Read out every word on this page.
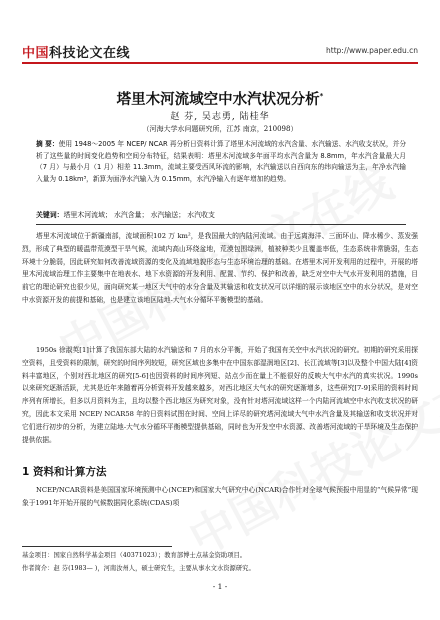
中国科技论文在线	http://www.paper.edu.cn
塔里木河流域空中水汽状况分析*
赵 芬, 吴志勇, 陆桂华
（河海大学水问题研究所，江苏 南京，210098）
摘 要：使用 1948～2005 年 NCEP/ NCAR 再分析日资料计算了塔里木河流域的水汽含量、水汽输送、水汽收支状况，并分析了这些量的时间变化趋势和空间分布特征，结果表明：塔里木河流域多年面平均水汽含量为 8.8mm，年水汽含量最大月（7 月）与最小月（1 月）相差 11.3mm，流域主要受西风环流的影响，水汽输送以自西向东的纬向输送为主，年净水汽输入量为 0.18km³，新算为面净水汽输入为 0.15mm，水汽净输入有逐年增加的趋势。
关键词：塔里木河流域； 水汽含量； 水汽输送； 水汽收支
塔里木河流域位于新疆南部，流域面积102 万 km²，是我国最大的内陆河流域。由于远离海洋、三面环山、降水稀少、蒸发强烈，形成了典型的暖温带荒漠型干旱气候，流域内高山环绕盆地，荒漠包围绿洲，植被种类少且覆盖率低，生态系统非常脆弱，生态环境十分脆弱，因此研究如何改善流域资源的变化及流域地貌形态与生态环境治理的基础。在塔里木河开发利用的过程中，开展的塔里木河流域治理工作主要集中在地表水、地下水资源的开发利用、配置、节约、保护和改善，缺乏对空中大气水开发利用的措施，目前它的理论研究也很少见，面向研究某一地区大气中的水分含量及其输送和收支状况可以详细的展示该地区空中的水分状况，是对空中水资源开发的前提和基础，也是建立该地区陆地-大气水分循环平衡模型的基础。
1950s 徐淑英[1]计算了我国东部大陆的水汽输送和 7 月的水分平衡，开始了我国有关空中水汽状况的研究。初期的研究采用探空资料，且受资料的限制，研究的时间序列较短，研究区域也多集中在中国东部湿润地区[2]、长江流域等[3]以及整个中国大陆[4]资料丰富地区，个别对西北地区的研究[5-6]也因资料的时间序列短、站点少而在量上不能很好的反映大气中水汽的真实状况。1990s 以来研究逐渐活跃，尤其是近年来随着再分析资料开发越来越多，对西北地区大气水的研究逐渐增多，这些研究[7-9]采用的资料时间序列有所增长，但多以月资料为主，且均以整个西北地区为研究对象，没有针对塔河流域这样一个内陆河流域空中水汽收支状况的研究，因此本文采用 NCEP/ NCAR58 年的日资料试图在时间、空间上详尽的研究塔河流域大气中水汽含量及其输送和收支状况并对它们进行初步的分析，为建立陆地-大气水分循环平衡模型提供基础，同时也为开发空中水资源、改善塔河流域的干旱环境及生态保护提供依据。
1 资料和计算方法
NCEP/NCAR资料是美国国家环境预测中心(NCEP)和国家大气研究中心(NCAR)合作针对全球气候预报中用显的“气候异常”现象于1991年开始开展的气候数据同化系统(CDAS)项
基金项目：国家自然科学基金项目（40371023）；教育部博士点基金资助项目。
作者简介：赵 芬(1983— )，河南汝州人，硕士研究生，主要从事水文水资源研究。
- 1 -
